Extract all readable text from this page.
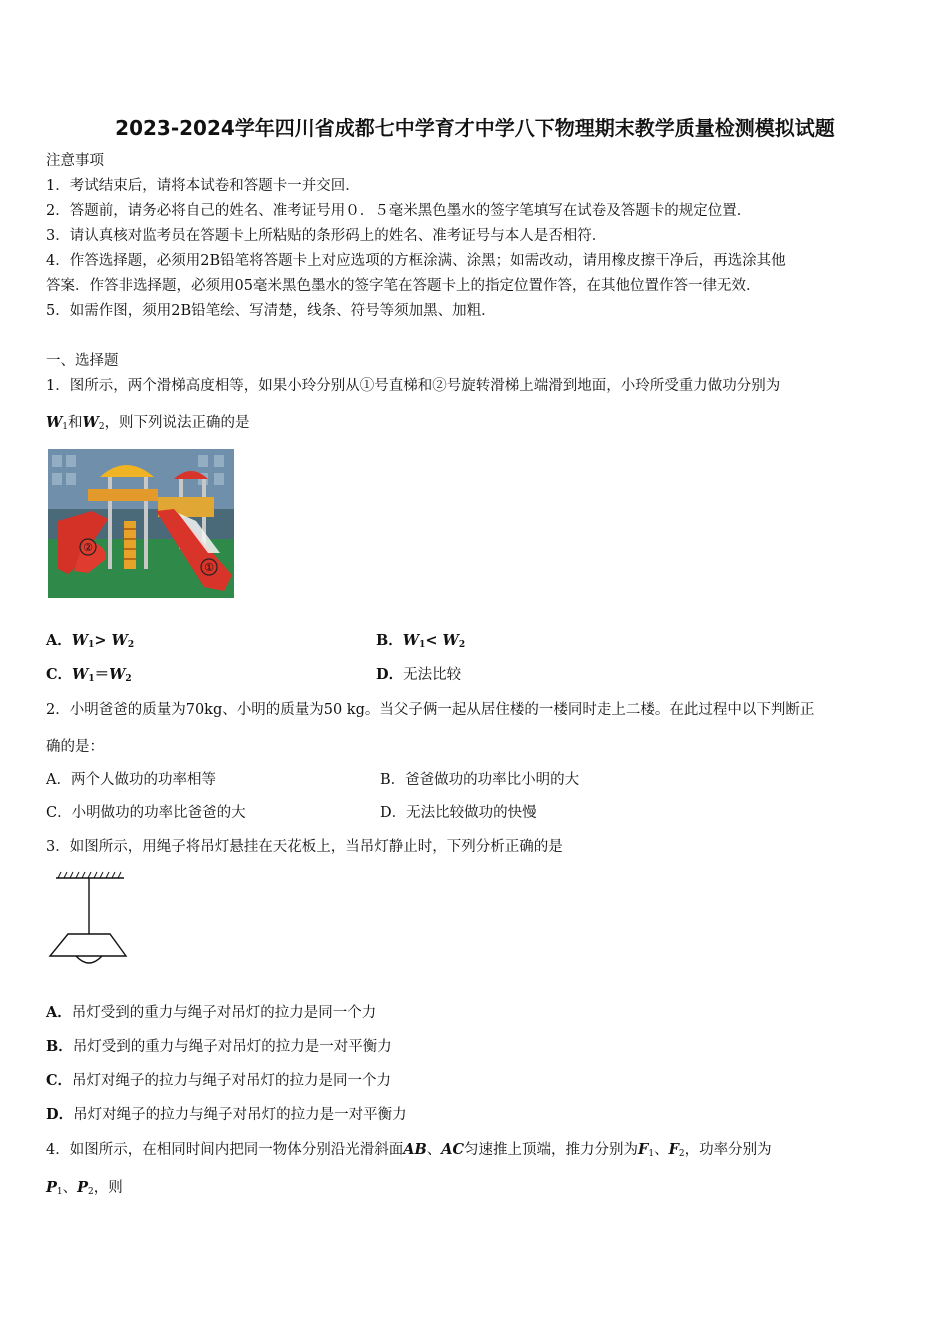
2023-2024学年四川省成都七中学育才中学八下物理期末教学质量检测模拟试题
注意事项
1．考试结束后，请将本试卷和答题卡一并交回．
2．答题前，请务必将自己的姓名、准考证号用０．５毫米黑色墨水的签字笔填写在试卷及答题卡的规定位置．
3．请认真核对监考员在答题卡上所粘贴的条形码上的姓名、准考证号与本人是否相符．
4．作答选择题，必须用2B铅笔将答题卡上对应选项的方框涂满、涂黑；如需改动，请用橡皮擦干净后，再选涂其他
答案．作答非选择题，必须用05毫米黑色墨水的签字笔在答题卡上的指定位置作答，在其他位置作答一律无效．
5．如需作图，须用2B铅笔绘、写清楚，线条、符号等须加黑、加粗．
一、选择题
1．图所示，两个滑梯高度相等，如果小玲分别从①号直梯和②号旋转滑梯上端滑到地面，小玲所受重力做功分别为
$W_1$和$W_2$，则下列说法正确的是
②
①
A．$W_1> W_2$	B．$W_1< W_2$
C．$W_1=W_2$	D．无法比较
2．小明爸爸的质量为70kg、小明的质量为50 kg。当父子俩一起从居住楼的一楼同时走上二楼。在此过程中以下判断正
确的是：
A．两个人做功的功率相等	B．爸爸做功的功率比小明的大
C．小明做功的功率比爸爸的大	D．无法比较做功的快慢
3．如图所示，用绳子将吊灯悬挂在天花板上，当吊灯静止时，下列分析正确的是
A．吊灯受到的重力与绳子对吊灯的拉力是同一个力
B．吊灯受到的重力与绳子对吊灯的拉力是一对平衡力
C．吊灯对绳子的拉力与绳子对吊灯的拉力是同一个力
D．吊灯对绳子的拉力与绳子对吊灯的拉力是一对平衡力
4．如图所示，在相同时间内把同一物体分别沿光滑斜面AB、AC匀速推上顶端，推力分别为$F_1$、$F_2$，功率分别为
$P_1$、$P_2$，则
